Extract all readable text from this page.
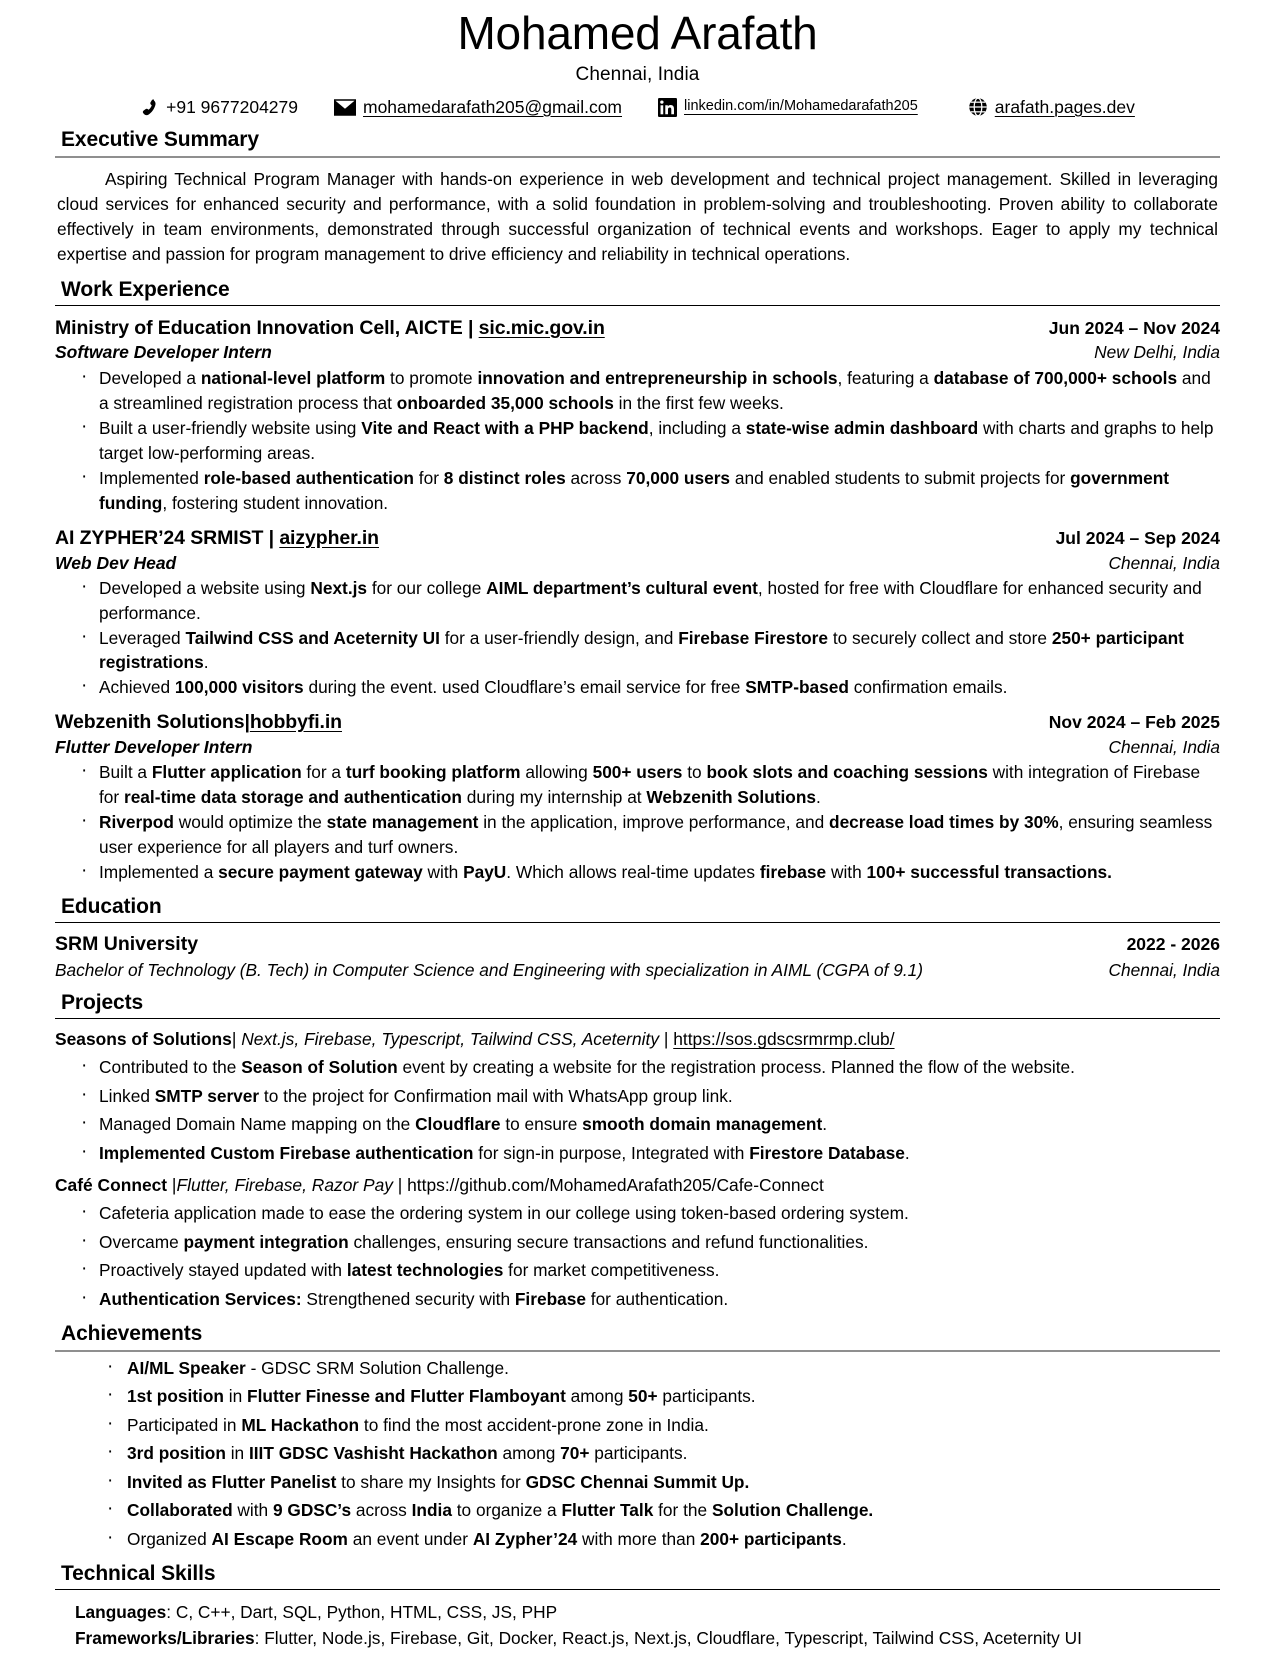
Mohamed Arafath
Chennai, India
+91 9677204279	mohamedarafath205@gmail.com	linkedin.com/in/Mohamedarafath205	arafath.pages.dev
Executive Summary
Aspiring Technical Program Manager with hands-on experience in web development and technical project management. Skilled in leveraging cloud services for enhanced security and performance, with a solid foundation in problem-solving and troubleshooting. Proven ability to collaborate effectively in team environments, demonstrated through successful organization of technical events and workshops. Eager to apply my technical expertise and passion for program management to drive efficiency and reliability in technical operations.
Work Experience
Ministry of Education Innovation Cell, AICTE | sic.mic.gov.in	Jun 2024 – Nov 2024
Software Developer Intern	New Delhi, India
· Developed a national-level platform to promote innovation and entrepreneurship in schools, featuring a database of 700,000+ schools and a streamlined registration process that onboarded 35,000 schools in the first few weeks.
· Built a user-friendly website using Vite and React with a PHP backend, including a state-wise admin dashboard with charts and graphs to help target low-performing areas.
· Implemented role-based authentication for 8 distinct roles across 70,000 users and enabled students to submit projects for government funding, fostering student innovation.
AI ZYPHER’24 SRMIST | aizypher.in	Jul 2024 – Sep 2024
Web Dev Head	Chennai, India
· Developed a website using Next.js for our college AIML department’s cultural event, hosted for free with Cloudflare for enhanced security and performance.
· Leveraged Tailwind CSS and Aceternity UI for a user-friendly design, and Firebase Firestore to securely collect and store 250+ participant registrations.
· Achieved 100,000 visitors during the event. used Cloudflare’s email service for free SMTP-based confirmation emails.
Webzenith Solutions|hobbyfi.in	Nov 2024 – Feb 2025
Flutter Developer Intern	Chennai, India
· Built a Flutter application for a turf booking platform allowing 500+ users to book slots and coaching sessions with integration of Firebase for real-time data storage and authentication during my internship at Webzenith Solutions.
· Riverpod would optimize the state management in the application, improve performance, and decrease load times by 30%, ensuring seamless user experience for all players and turf owners.
· Implemented a secure payment gateway with PayU. Which allows real-time updates firebase with 100+ successful transactions.
Education
SRM University	2022 - 2026
Bachelor of Technology (B. Tech) in Computer Science and Engineering with specialization in AIML (CGPA of 9.1)	Chennai, India
Projects
Seasons of Solutions| Next.js, Firebase, Typescript, Tailwind CSS, Aceternity | https://sos.gdscsrmrmp.club/
· Contributed to the Season of Solution event by creating a website for the registration process. Planned the flow of the website.
· Linked SMTP server to the project for Confirmation mail with WhatsApp group link.
· Managed Domain Name mapping on the Cloudflare to ensure smooth domain management.
· Implemented Custom Firebase authentication for sign-in purpose, Integrated with Firestore Database.
Café Connect |Flutter, Firebase, Razor Pay | https://github.com/MohamedArafath205/Cafe-Connect
· Cafeteria application made to ease the ordering system in our college using token-based ordering system.
· Overcame payment integration challenges, ensuring secure transactions and refund functionalities.
· Proactively stayed updated with latest technologies for market competitiveness.
· Authentication Services: Strengthened security with Firebase for authentication.
Achievements
· AI/ML Speaker - GDSC SRM Solution Challenge.
· 1st position in Flutter Finesse and Flutter Flamboyant among 50+ participants.
· Participated in ML Hackathon to find the most accident-prone zone in India.
· 3rd position in IIIT GDSC Vashisht Hackathon among 70+ participants.
· Invited as Flutter Panelist to share my Insights for GDSC Chennai Summit Up.
· Collaborated with 9 GDSC’s across India to organize a Flutter Talk for the Solution Challenge.
· Organized AI Escape Room an event under AI Zypher’24 with more than 200+ participants.
Technical Skills
Languages: C, C++, Dart, SQL, Python, HTML, CSS, JS, PHP
Frameworks/Libraries: Flutter, Node.js, Firebase, Git, Docker, React.js, Next.js, Cloudflare, Typescript, Tailwind CSS, Aceternity UI
